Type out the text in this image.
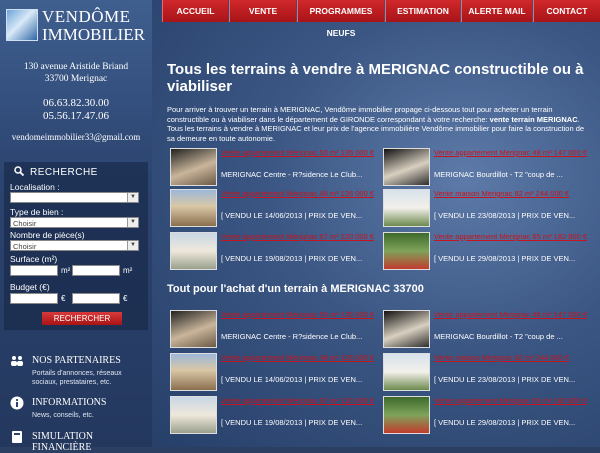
VENDÔME
IMMOBILIER
130 avenue Aristide Briand
33700 Merignac
06.63.82.30.00
05.56.17.47.06
vendomeimmobilier33@gmail.com
RECHERCHE
Localisation :
▼
Type de bien :
Choisir	▼
Nombre de pièce(s)
Choisir	▼
Surface (m²)
m²	m²
Budget (€)
€	€
RECHERCHER
NOS PARTENAIRES
Portails d'annonces, réseaux sociaux, prestataires, etc.
INFORMATIONS
News, conseils, etc.
SIMULATION FINANCIÈRE
ACCUEIL	VENTE	PROGRAMMES NEUFS
ESTIMATION	ALERTE MAIL	CONTACT
Tous les terrains à vendre à MERIGNAC constructible ou à viabiliser
Pour arriver à trouver un terrain à MERIGNAC, Vendôme immobilier propage ci-dessous tout pour acheter un terrain constructible ou à viabiliser dans le département de GIRONDE correspondant à votre recherche: vente terrain MERIGNAC. Tous les terrains à vendre à MERIGNAC et leur prix de l'agence immobilière Vendôme immobilier pour faire la construction de sa demeure en toute autonomie.
Vente appartement Merignac 50 m² 135 000 €
MERIGNAC Centre - R?sidence Le Club...
Vente appartement Merignac 48 m² 147 000 €
MERIGNAC Bourdillot - T2 "coup de ...
Vente appartement Merignac 48 m² 126 000 €
[ VENDU LE 14/06/2013 | PRIX DE VEN...
Vente maison Merignac 82 m² 244 000 €
[ VENDU LE 23/08/2013 | PRIX DE VEN...
Vente appartement Merignac 67 m² 120 000 €
[ VENDU LE 19/08/2013 | PRIX DE VEN...
Vente appartement Merignac 65 m² 182 800 €
[ VENDU LE 29/08/2013 | PRIX DE VEN...
Tout pour l'achat d'un terrain à MERIGNAC 33700
Vente appartement Merignac 50 m² 135 000 €
MERIGNAC Centre - R?sidence Le Club...
Vente appartement Merignac 48 m² 147 000 €
MERIGNAC Bourdillot - T2 "coup de ...
Vente appartement Merignac 48 m² 126 000 €
[ VENDU LE 14/06/2013 | PRIX DE VEN...
Vente maison Merignac 82 m² 244 000 €
[ VENDU LE 23/08/2013 | PRIX DE VEN...
Vente appartement Merignac 67 m² 120 000 €
[ VENDU LE 19/08/2013 | PRIX DE VEN...
Vente appartement Merignac 65 m² 182 800 €
[ VENDU LE 29/08/2013 | PRIX DE VEN...
